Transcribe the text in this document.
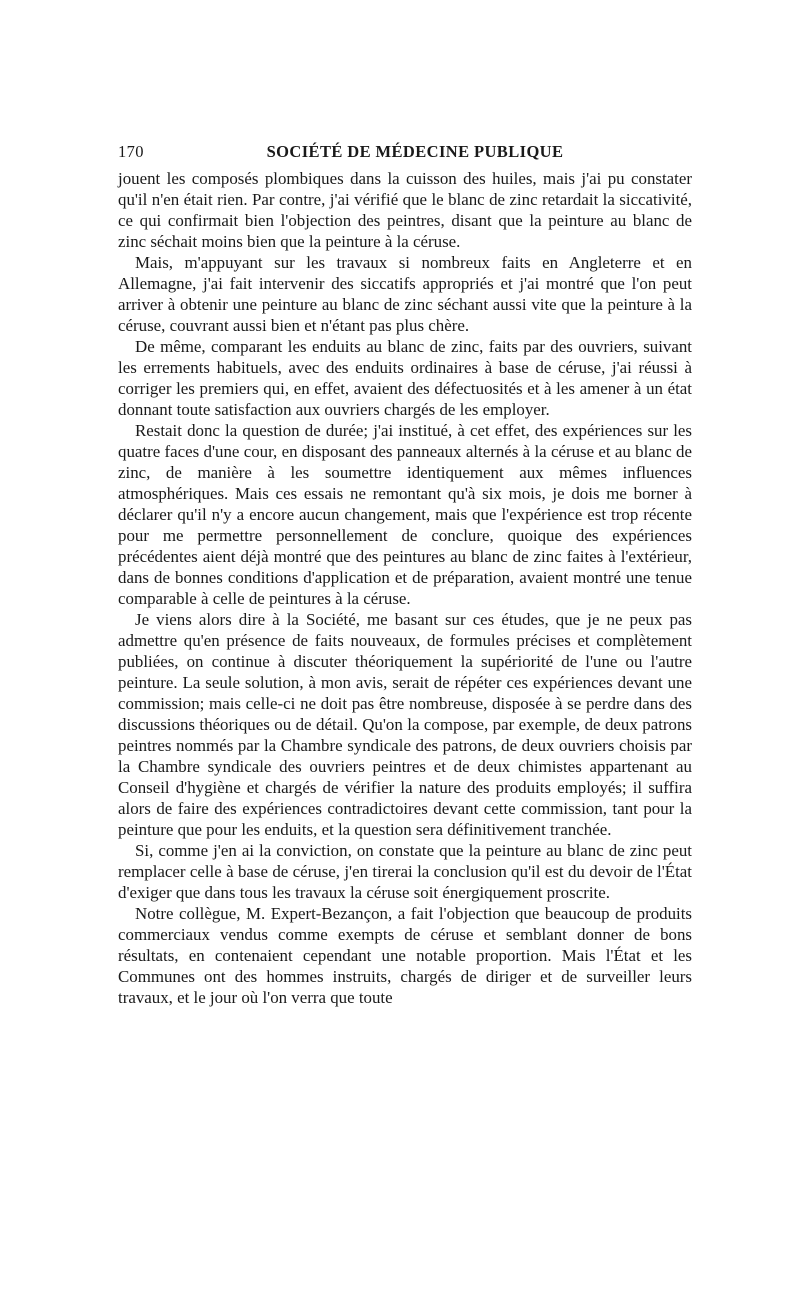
170	SOCIÉTÉ DE MÉDECINE PUBLIQUE

jouent les composés plombiques dans la cuisson des huiles, mais j'ai pu constater qu'il n'en était rien. Par contre, j'ai vérifié que le blanc de zinc retardait la siccativité, ce qui confirmait bien l'objection des peintres, disant que la peinture au blanc de zinc séchait moins bien que la peinture à la céruse.

Mais, m'appuyant sur les travaux si nombreux faits en Angleterre et en Allemagne, j'ai fait intervenir des siccatifs appropriés et j'ai montré que l'on peut arriver à obtenir une peinture au blanc de zinc séchant aussi vite que la peinture à la céruse, couvrant aussi bien et n'étant pas plus chère.

De même, comparant les enduits au blanc de zinc, faits par des ouvriers, suivant les errements habituels, avec des enduits ordinaires à base de céruse, j'ai réussi à corriger les premiers qui, en effet, avaient des défectuosités et à les amener à un état donnant toute satisfaction aux ouvriers chargés de les employer.

Restait donc la question de durée; j'ai institué, à cet effet, des expériences sur les quatre faces d'une cour, en disposant des panneaux alternés à la céruse et au blanc de zinc, de manière à les soumettre identiquement aux mêmes influences atmosphériques. Mais ces essais ne remontant qu'à six mois, je dois me borner à déclarer qu'il n'y a encore aucun changement, mais que l'expérience est trop récente pour me permettre personnellement de conclure, quoique des expériences précédentes aient déjà montré que des peintures au blanc de zinc faites à l'extérieur, dans de bonnes conditions d'application et de préparation, avaient montré une tenue comparable à celle de peintures à la céruse.

Je viens alors dire à la Société, me basant sur ces études, que je ne peux pas admettre qu'en présence de faits nouveaux, de formules précises et complètement publiées, on continue à discuter théoriquement la supériorité de l'une ou l'autre peinture. La seule solution, à mon avis, serait de répéter ces expériences devant une commission; mais celle-ci ne doit pas être nombreuse, disposée à se perdre dans des discussions théoriques ou de détail. Qu'on la compose, par exemple, de deux patrons peintres nommés par la Chambre syndicale des patrons, de deux ouvriers choisis par la Chambre syndicale des ouvriers peintres et de deux chimistes appartenant au Conseil d'hygiène et chargés de vérifier la nature des produits employés; il suffira alors de faire des expériences contradictoires devant cette commission, tant pour la peinture que pour les enduits, et la question sera définitivement tranchée.

Si, comme j'en ai la conviction, on constate que la peinture au blanc de zinc peut remplacer celle à base de céruse, j'en tirerai la conclusion qu'il est du devoir de l'État d'exiger que dans tous les travaux la céruse soit énergiquement proscrite.

Notre collègue, M. Expert-Bezançon, a fait l'objection que beaucoup de produits commerciaux vendus comme exempts de céruse et semblant donner de bons résultats, en contenaient cependant une notable proportion. Mais l'État et les Communes ont des hommes instruits, chargés de diriger et de surveiller leurs travaux, et le jour où l'on verra que toute
